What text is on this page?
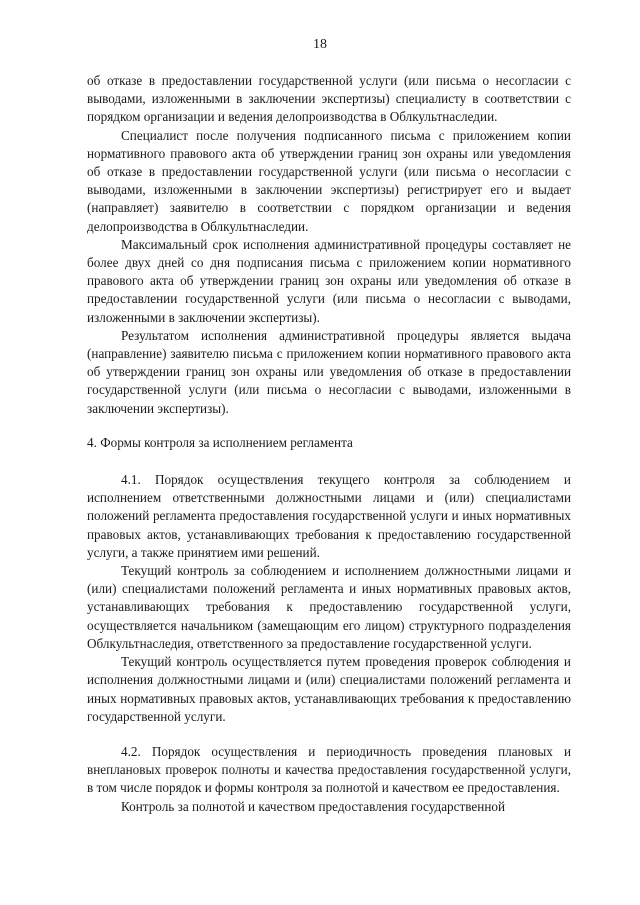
18

об отказе в предоставлении государственной услуги (или письма о несогласии с выводами, изложенными в заключении экспертизы) специалисту в соответствии с порядком организации и ведения делопроизводства в Облкультнаследии.

Специалист после получения подписанного письма с приложением копии нормативного правового акта об утверждении границ зон охраны или уведомления об отказе в предоставлении государственной услуги (или письма о несогласии с выводами, изложенными в заключении экспертизы) регистрирует его и выдает (направляет) заявителю в соответствии с порядком организации и ведения делопроизводства в Облкультнаследии.

Максимальный срок исполнения административной процедуры составляет не более двух дней со дня подписания письма с приложением копии нормативного правового акта об утверждении границ зон охраны или уведомления об отказе в предоставлении государственной услуги (или письма о несогласии с выводами, изложенными в заключении экспертизы).

Результатом исполнения административной процедуры является выдача (направление) заявителю письма с приложением копии нормативного правового акта об утверждении границ зон охраны или уведомления об отказе в предоставлении государственной услуги (или письма о несогласии с выводами, изложенными в заключении экспертизы).

4. Формы контроля за исполнением регламента

4.1. Порядок осуществления текущего контроля за соблюдением и исполнением ответственными должностными лицами и (или) специалистами положений регламента предоставления государственной услуги и иных нормативных правовых актов, устанавливающих требования к предоставлению государственной услуги, а также принятием ими решений.

Текущий контроль за соблюдением и исполнением должностными лицами и (или) специалистами положений регламента и иных нормативных правовых актов, устанавливающих требования к предоставлению государственной услуги, осуществляется начальником (замещающим его лицом) структурного подразделения Облкультнаследия, ответственного за предоставление государственной услуги.

Текущий контроль осуществляется путем проведения проверок соблюдения и исполнения должностными лицами и (или) специалистами положений регламента и иных нормативных правовых актов, устанавливающих требования к предоставлению государственной услуги.

4.2. Порядок осуществления и периодичность проведения плановых и внеплановых проверок полноты и качества предоставления государственной услуги, в том числе порядок и формы контроля за полнотой и качеством ее предоставления.

Контроль за полнотой и качеством предоставления государственной
